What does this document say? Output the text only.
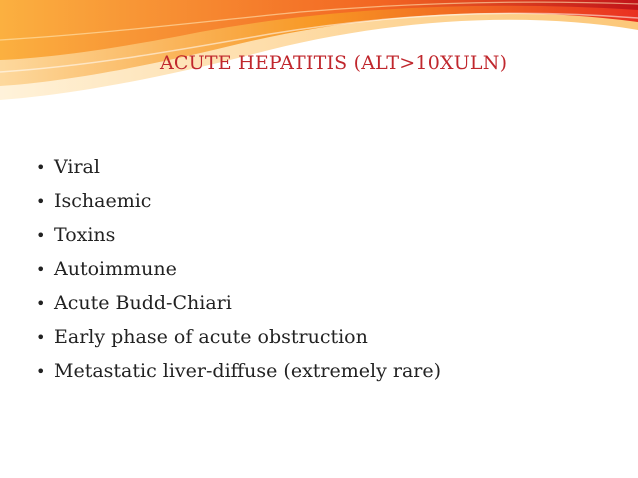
ACUTE HEPATITIS (ALT>10XULN)
• Viral
• Ischaemic
• Toxins
• Autoimmune
• Acute Budd-Chiari
• Early phase of acute obstruction
• Metastatic liver-diffuse (extremely rare)
